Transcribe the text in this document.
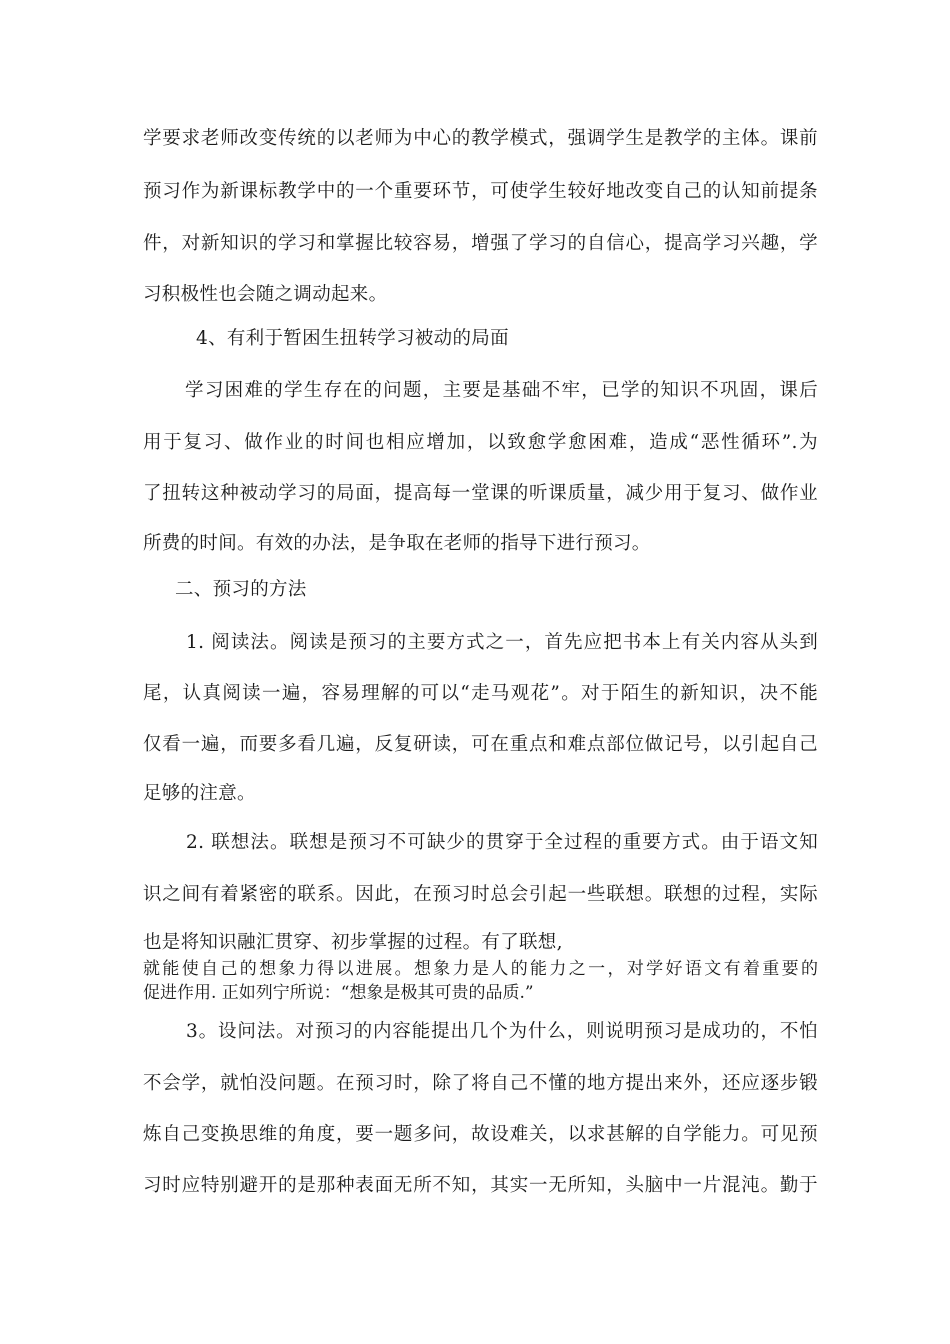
学要求老师改变传统的以老师为中心的教学模式，强调学生是教学的主体。课前
预习作为新课标教学中的一个重要环节，可使学生较好地改变自己的认知前提条
件，对新知识的学习和掌握比较容易，增强了学习的自信心，提高学习兴趣，学
习积极性也会随之调动起来。
4、有利于暂困生扭转学习被动的局面
学习困难的学生存在的问题，主要是基础不牢，已学的知识不巩固，课后
用于复习、做作业的时间也相应增加，以致愈学愈困难，造成“恶性循环”.为
了扭转这种被动学习的局面，提高每一堂课的听课质量，减少用于复习、做作业
所费的时间。有效的办法，是争取在老师的指导下进行预习。
二、预习的方法
1. 阅读法。阅读是预习的主要方式之一，首先应把书本上有关内容从头到
尾，认真阅读一遍，容易理解的可以“走马观花”。对于陌生的新知识，决不能
仅看一遍，而要多看几遍，反复研读，可在重点和难点部位做记号，以引起自己
足够的注意。
2. 联想法。联想是预习不可缺少的贯穿于全过程的重要方式。由于语文知
识之间有着紧密的联系。因此，在预习时总会引起一些联想。联想的过程，实际
也是将知识融汇贯穿、初步掌握的过程。有了联想,
就能使自己的想象力得以进展。想象力是人的能力之一，对学好语文有着重要的
促进作用. 正如列宁所说：“想象是极其可贵的品质.”
3。设问法。对预习的内容能提出几个为什么，则说明预习是成功的，不怕
不会学，就怕没问题。在预习时，除了将自己不懂的地方提出来外，还应逐步锻
炼自己变换思维的角度，要一题多问，故设难关，以求甚解的自学能力。可见预
习时应特别避开的是那种表面无所不知，其实一无所知，头脑中一片混沌。勤于
